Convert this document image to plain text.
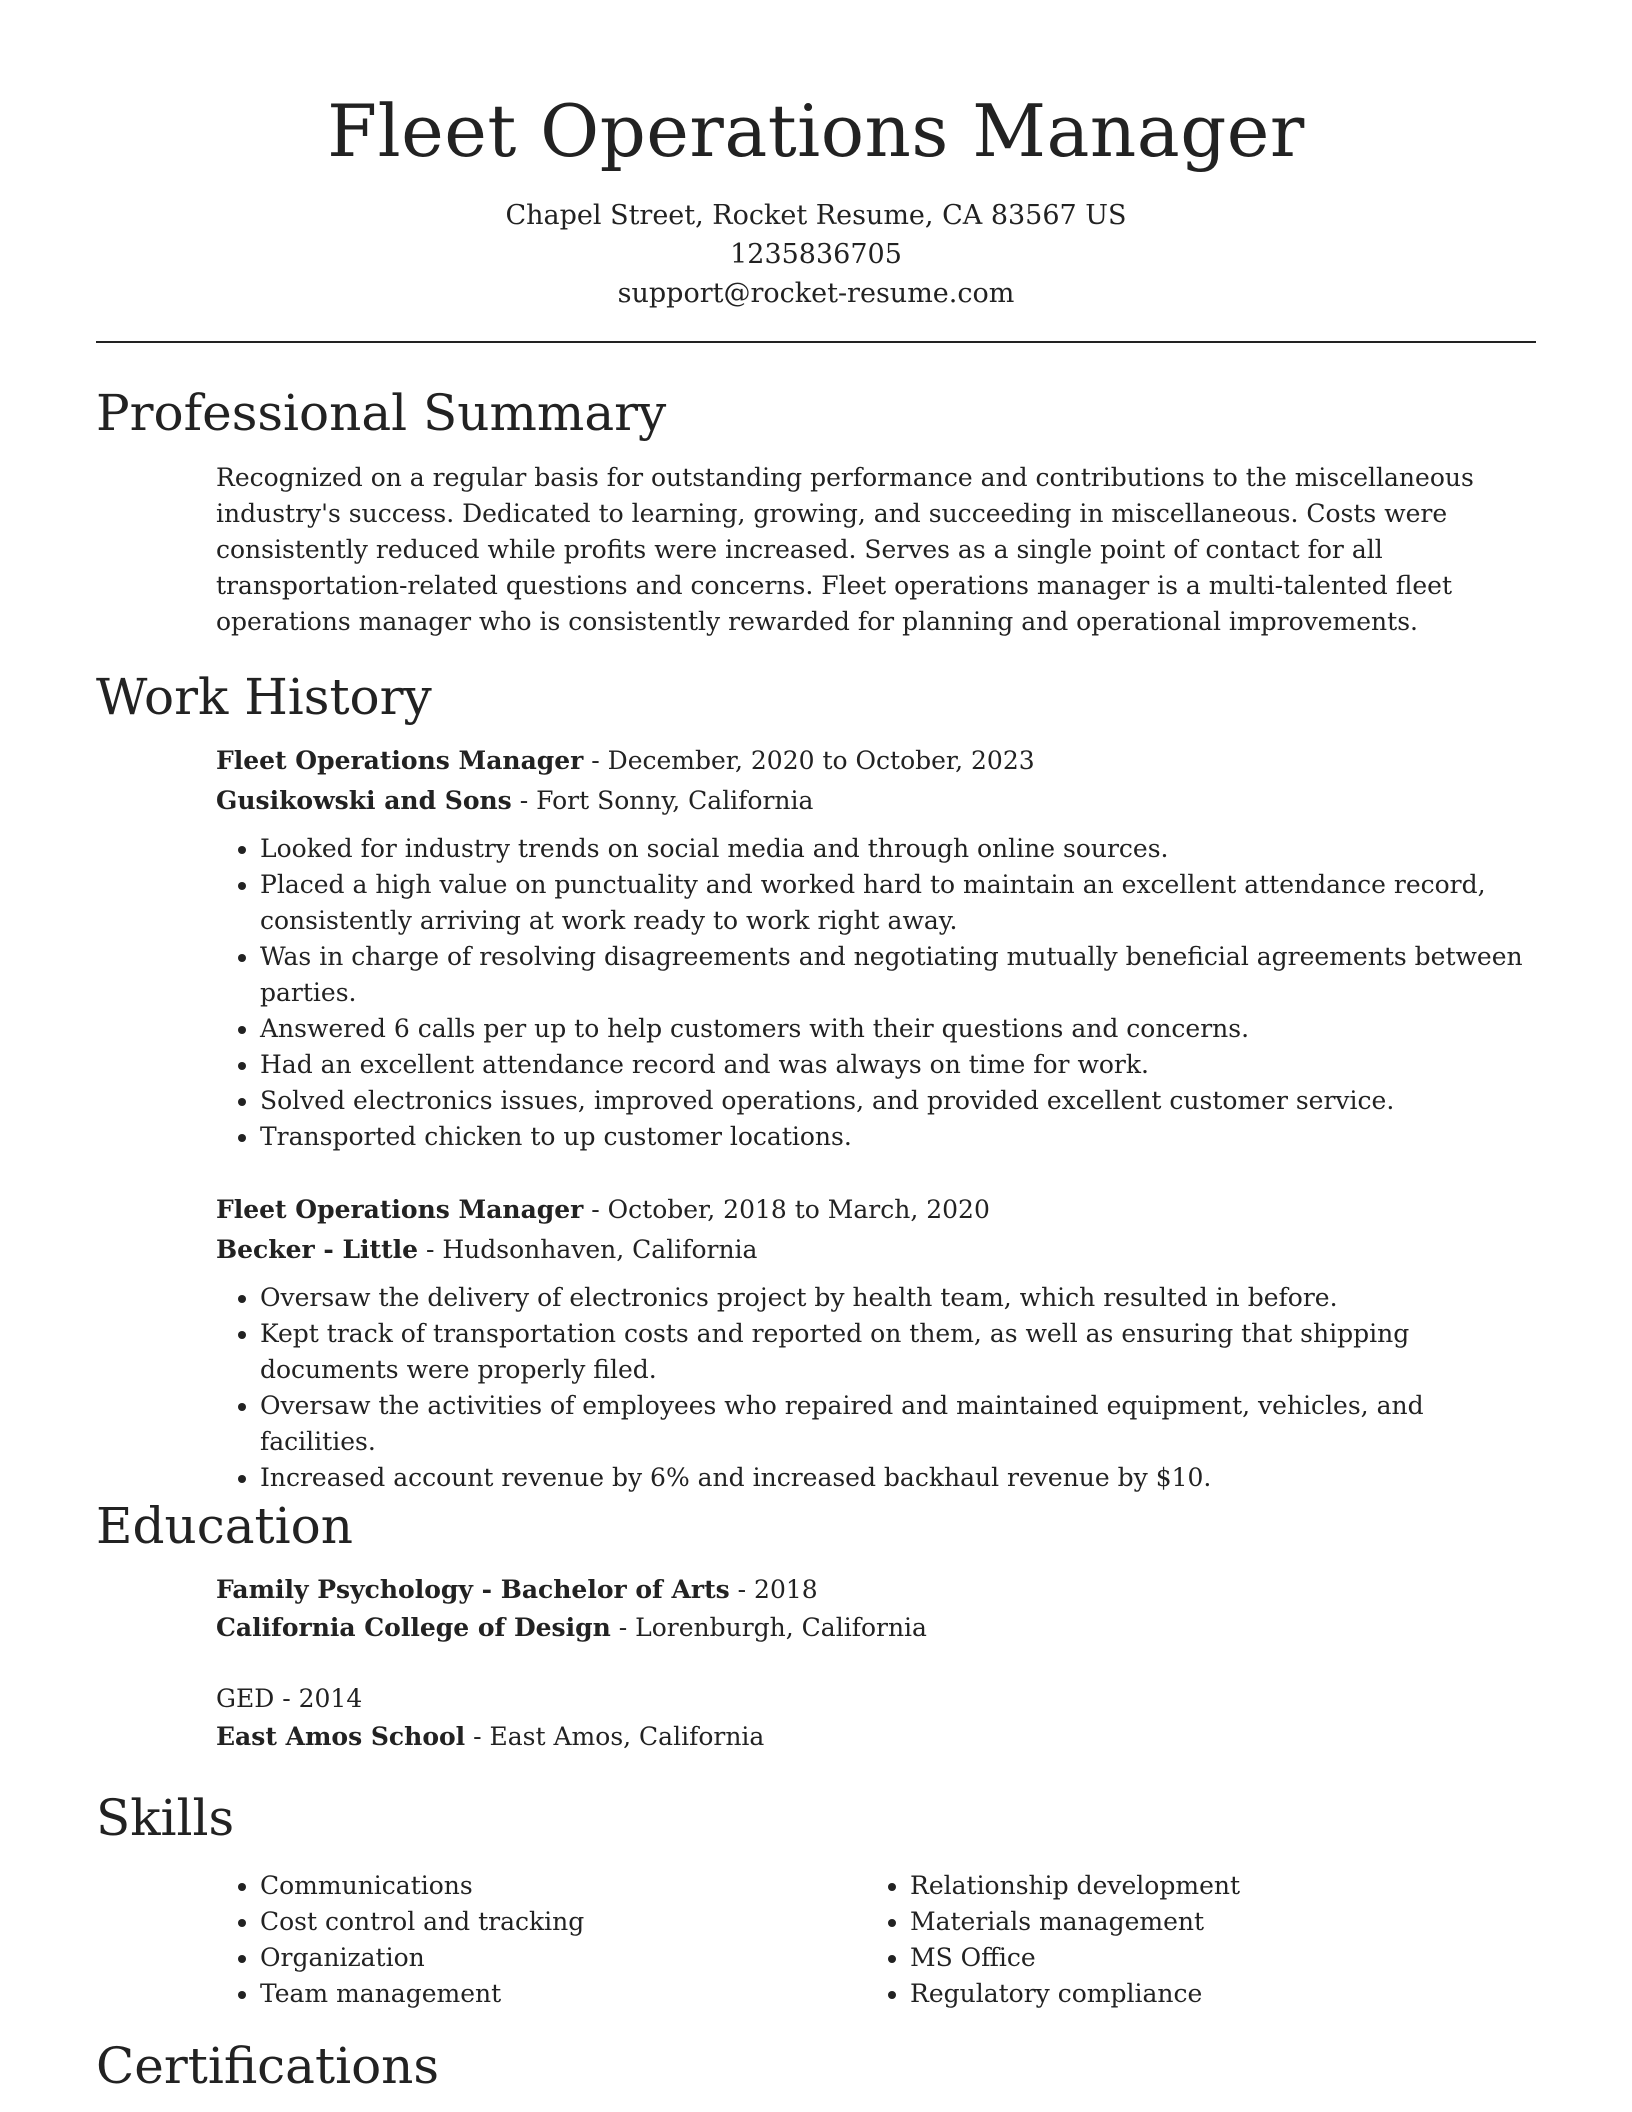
Fleet Operations Manager
Chapel Street, Rocket Resume, CA 83567 US
1235836705
support@rocket-resume.com
Professional Summary
Recognized on a regular basis for outstanding performance and contributions to the miscellaneous industry's success. Dedicated to learning, growing, and succeeding in miscellaneous. Costs were consistently reduced while profits were increased. Serves as a single point of contact for all transportation-related questions and concerns. Fleet operations manager is a multi-talented fleet operations manager who is consistently rewarded for planning and operational improvements.
Work History
Fleet Operations Manager - December, 2020 to October, 2023
Gusikowski and Sons - Fort Sonny, California
• Looked for industry trends on social media and through online sources.
• Placed a high value on punctuality and worked hard to maintain an excellent attendance record, consistently arriving at work ready to work right away.
• Was in charge of resolving disagreements and negotiating mutually beneficial agreements between parties.
• Answered 6 calls per up to help customers with their questions and concerns.
• Had an excellent attendance record and was always on time for work.
• Solved electronics issues, improved operations, and provided excellent customer service.
• Transported chicken to up customer locations.
Fleet Operations Manager - October, 2018 to March, 2020
Becker - Little - Hudsonhaven, California
• Oversaw the delivery of electronics project by health team, which resulted in before.
• Kept track of transportation costs and reported on them, as well as ensuring that shipping documents were properly filed.
• Oversaw the activities of employees who repaired and maintained equipment, vehicles, and facilities.
• Increased account revenue by 6% and increased backhaul revenue by $10.
Education
Family Psychology - Bachelor of Arts - 2018
California College of Design - Lorenburgh, California
GED - 2014
East Amos School - East Amos, California
Skills
• Communications
• Cost control and tracking
• Organization
• Team management
• Relationship development
• Materials management
• MS Office
• Regulatory compliance
Certifications
